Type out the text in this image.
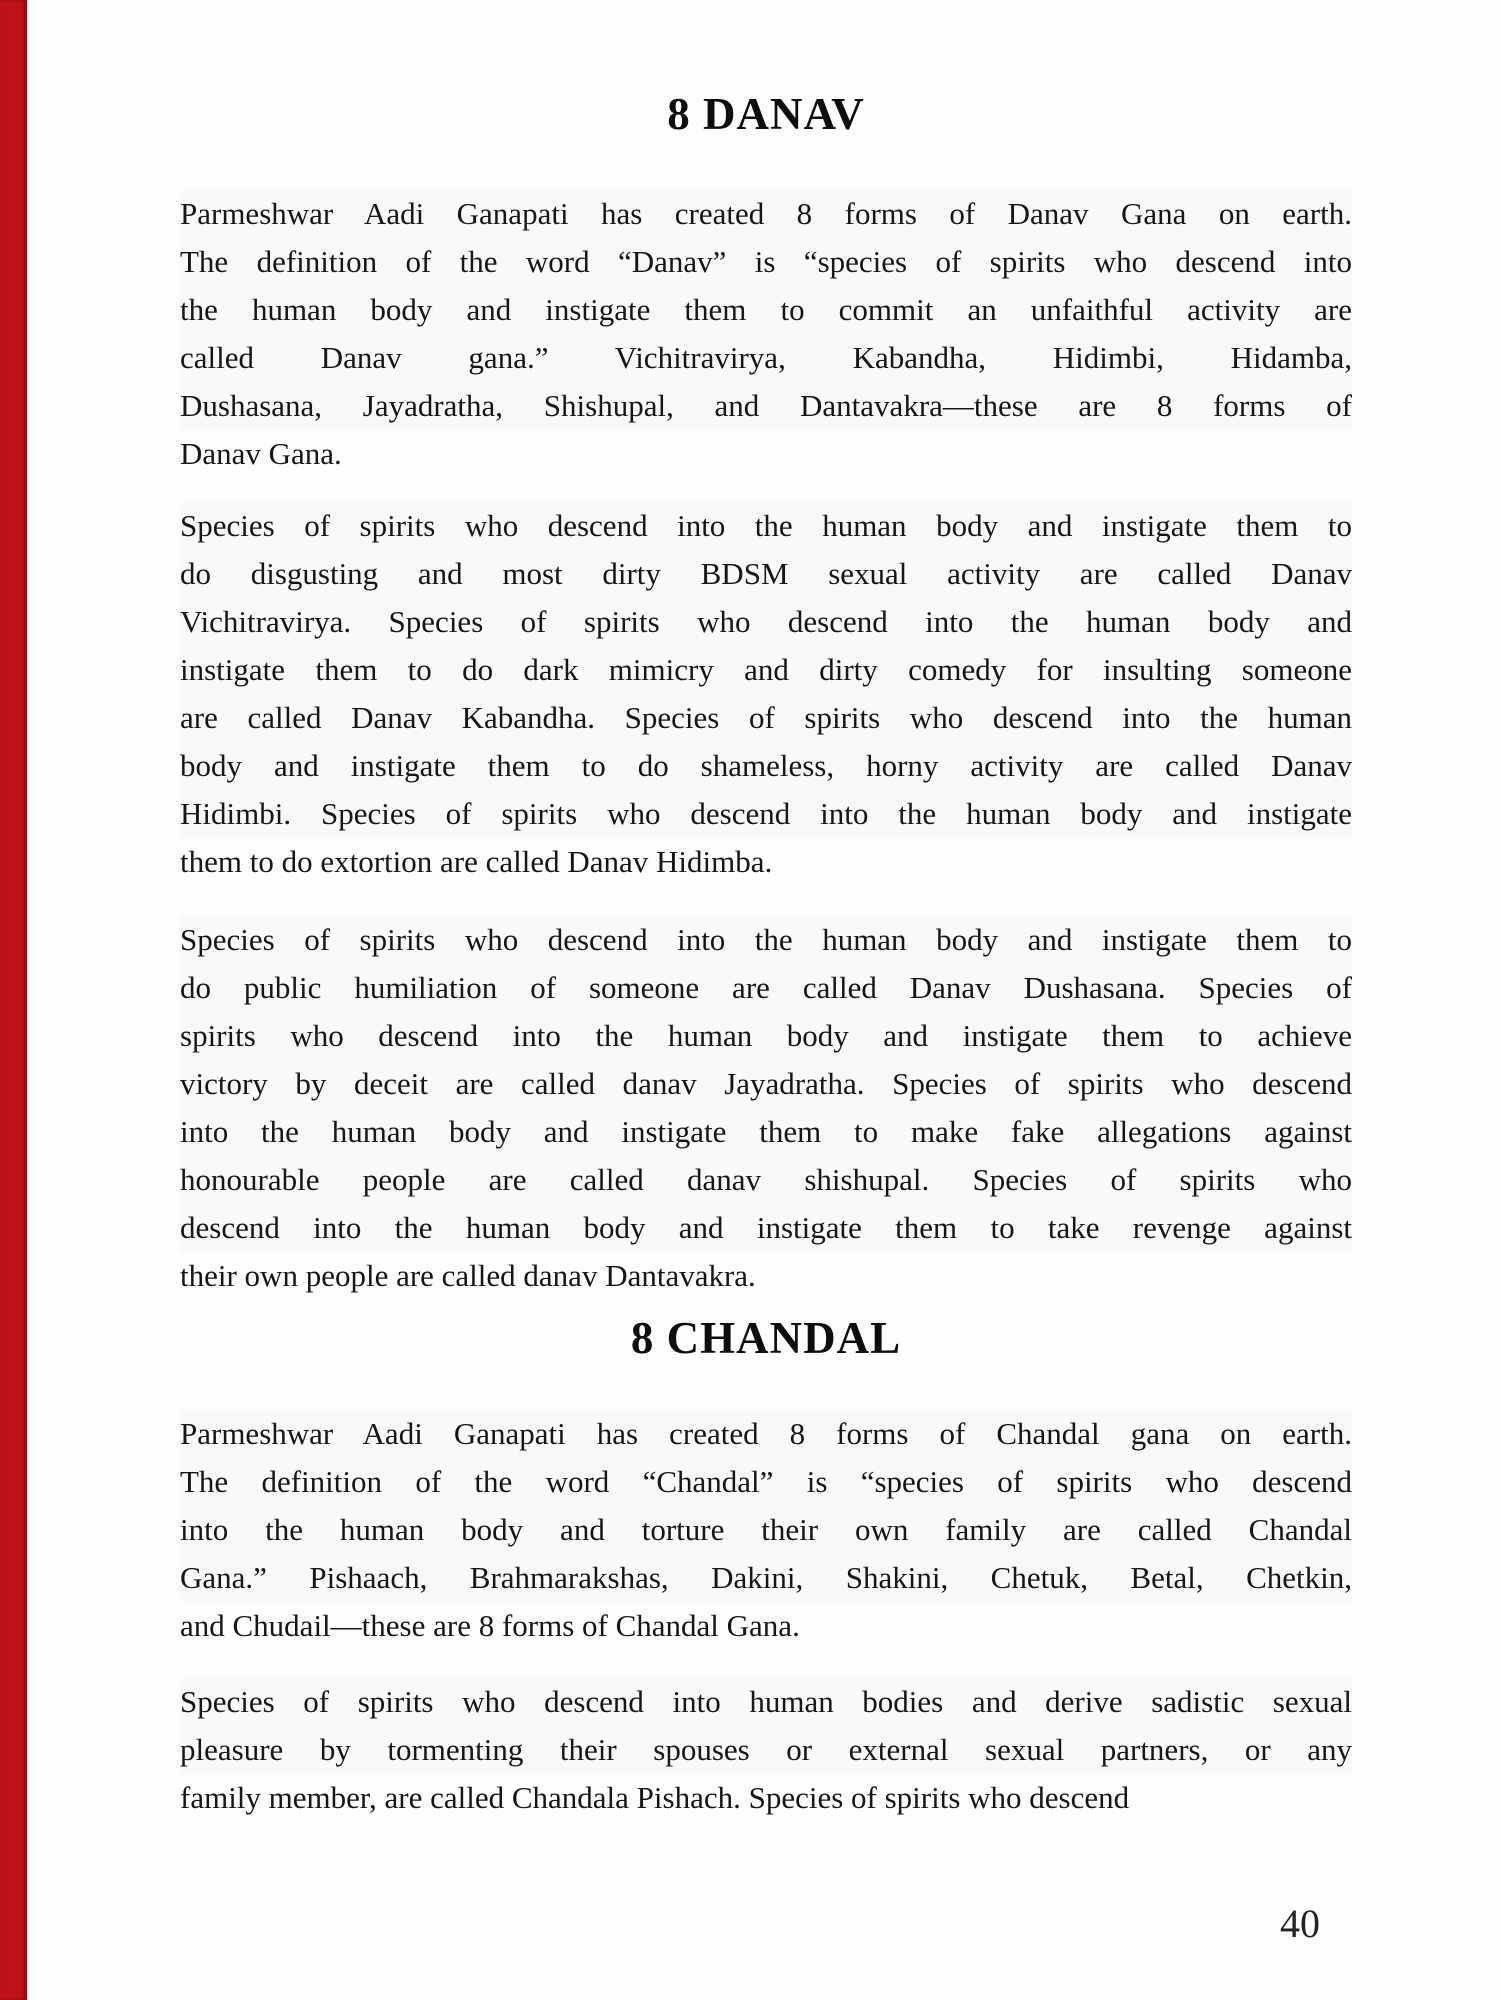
8 DANAV
Parmeshwar Aadi Ganapati has created 8 forms of Danav Gana on earth.
The definition of the word “Danav” is “species of spirits who descend into
the human body and instigate them to commit an unfaithful activity are
called Danav gana.” Vichitravirya, Kabandha, Hidimbi, Hidamba,
Dushasana, Jayadratha, Shishupal, and Dantavakra—these are 8 forms of
Danav Gana.
Species of spirits who descend into the human body and instigate them to
do disgusting and most dirty BDSM sexual activity are called Danav
Vichitravirya. Species of spirits who descend into the human body and
instigate them to do dark mimicry and dirty comedy for insulting someone
are called Danav Kabandha. Species of spirits who descend into the human
body and instigate them to do shameless, horny activity are called Danav
Hidimbi. Species of spirits who descend into the human body and instigate
them to do extortion are called Danav Hidimba.
Species of spirits who descend into the human body and instigate them to
do public humiliation of someone are called Danav Dushasana. Species of
spirits who descend into the human body and instigate them to achieve
victory by deceit are called danav Jayadratha. Species of spirits who descend
into the human body and instigate them to make fake allegations against
honourable people are called danav shishupal. Species of spirits who
descend into the human body and instigate them to take revenge against
their own people are called danav Dantavakra.
8 CHANDAL
Parmeshwar Aadi Ganapati has created 8 forms of Chandal gana on earth.
The definition of the word “Chandal” is “species of spirits who descend
into the human body and torture their own family are called Chandal
Gana.” Pishaach, Brahmarakshas, Dakini, Shakini, Chetuk, Betal, Chetkin,
and Chudail—these are 8 forms of Chandal Gana.
Species of spirits who descend into human bodies and derive sadistic sexual
pleasure by tormenting their spouses or external sexual partners, or any
family member, are called Chandala Pishach. Species of spirits who descend
40
